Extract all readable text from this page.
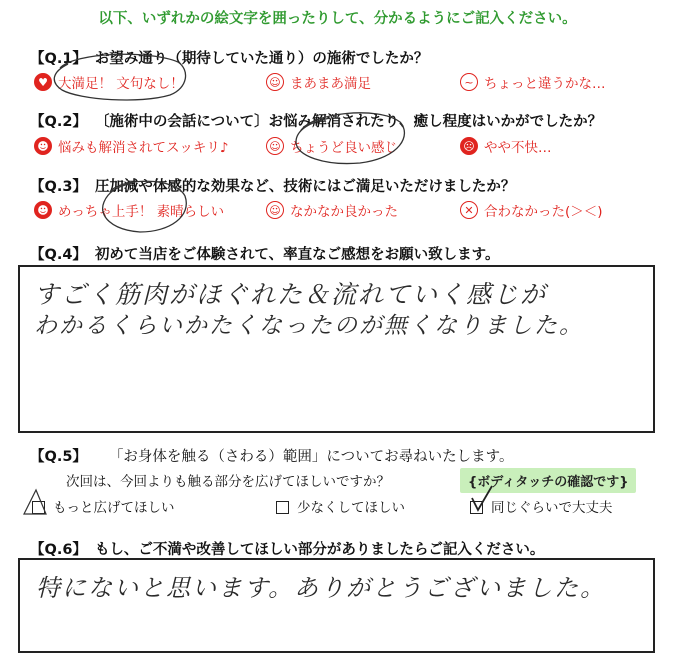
以下、いずれかの絵文字を囲ったりして、分かるようにご記入ください。
【Q.1】 お望み通り（期待していた通り）の施術でしたか？
♥ 大満足！ 文句なし！	☺ まあまあ満足	~ ちょっと違うかな…
【Q.2】 〔施術中の会話について〕お悩み解消されたり、癒し程度はいかがでしたか？
☻ 悩みも解消されてスッキリ♪	☺ ちょうど良い感じ	☹ やや不快…
【Q.3】 圧加減や体感的な効果など、技術にはご満足いただけましたか？
☻ めっちゃ上手！ 素晴らしい	☺ なかなか良かった	✕ 合わなかった(＞＜)
【Q.4】 初めて当店をご体験されて、率直なご感想をお願い致します。
すごく筋肉がほぐれた＆流れていく感じが
わかるくらいかたくなったのが無くなりました。
【Q.5】 「お身体を触る（さわる）範囲」についてお尋ねいたします。
次回は、今回よりも触る部分を広げてほしいですか？	{ボディタッチの確認です}
もっと広げてほしい	少なくしてほしい	同じぐらいで大丈夫
【Q.6】 もし、ご不満や改善してほしい部分がありましたらご記入ください。
特にないと思います。ありがとうございました。
